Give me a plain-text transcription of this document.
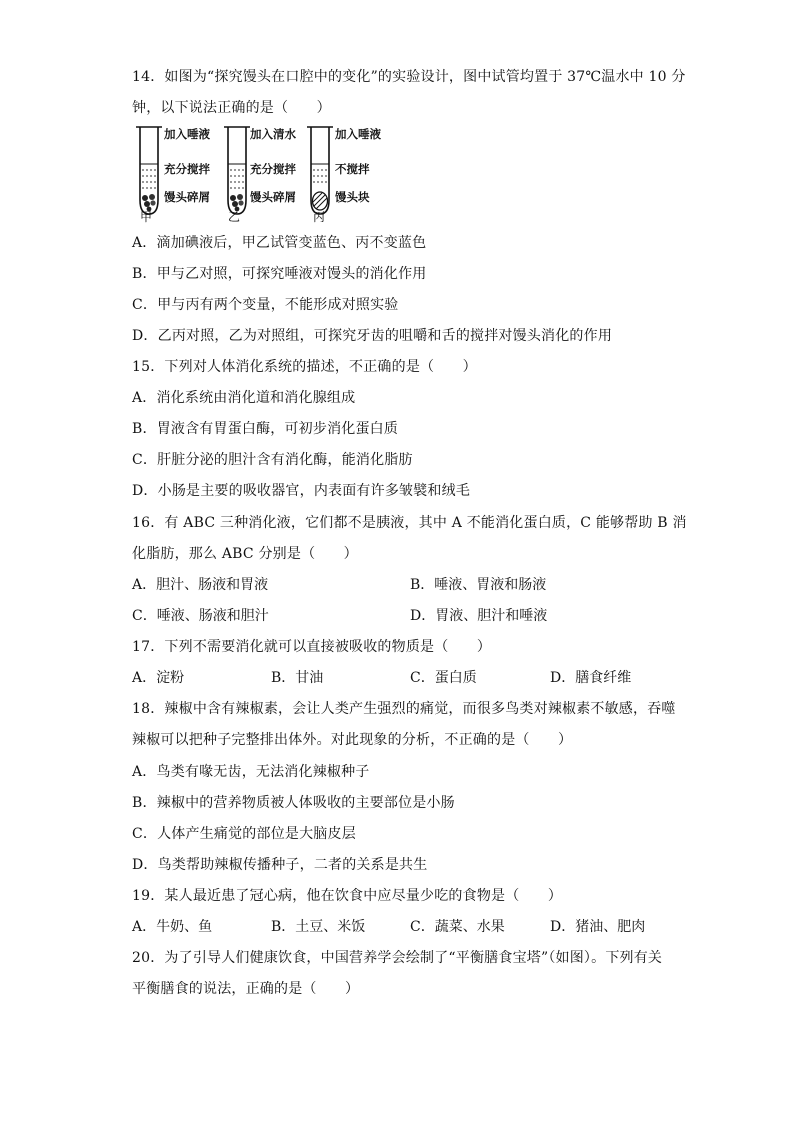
14．如图为“探究馒头在口腔中的变化”的实验设计，图中试管均置于 37℃温水中 10 分
钟，以下说法正确的是（　　）
加入唾液
充分搅拌
馒头碎屑
甲
加入清水
充分搅拌
馒头碎屑
乙
加入唾液
不搅拌
馒头块
丙
A．滴加碘液后，甲乙试管变蓝色、丙不变蓝色
B．甲与乙对照，可探究唾液对馒头的消化作用
C．甲与丙有两个变量，不能形成对照实验
D．乙丙对照，乙为对照组，可探究牙齿的咀嚼和舌的搅拌对馒头消化的作用
15．下列对人体消化系统的描述，不正确的是（　　）
A．消化系统由消化道和消化腺组成
B．胃液含有胃蛋白酶，可初步消化蛋白质
C．肝脏分泌的胆汁含有消化酶，能消化脂肪
D．小肠是主要的吸收器官，内表面有许多皱襞和绒毛
16．有 ABC 三种消化液，它们都不是胰液，其中 A 不能消化蛋白质，C 能够帮助 B 消
化脂肪，那么 ABC 分别是（　　）
A．胆汁、肠液和胃液	B．唾液、胃液和肠液
C．唾液、肠液和胆汁	D．胃液、胆汁和唾液
17．下列不需要消化就可以直接被吸收的物质是（　　）
A．淀粉	B．甘油	C．蛋白质	D．膳食纤维
18．辣椒中含有辣椒素，会让人类产生强烈的痛觉，而很多鸟类对辣椒素不敏感，吞噬
辣椒可以把种子完整排出体外。对此现象的分析，不正确的是（　　）
A．鸟类有喙无齿，无法消化辣椒种子
B．辣椒中的营养物质被人体吸收的主要部位是小肠
C．人体产生痛觉的部位是大脑皮层
D．鸟类帮助辣椒传播种子，二者的关系是共生
19．某人最近患了冠心病，他在饮食中应尽量少吃的食物是（　　）
A．牛奶、鱼	B．土豆、米饭	C．蔬菜、水果	D．猪油、肥肉
20．为了引导人们健康饮食，中国营养学会绘制了“平衡膳食宝塔”（如图）。下列有关
平衡膳食的说法，正确的是（　　）
